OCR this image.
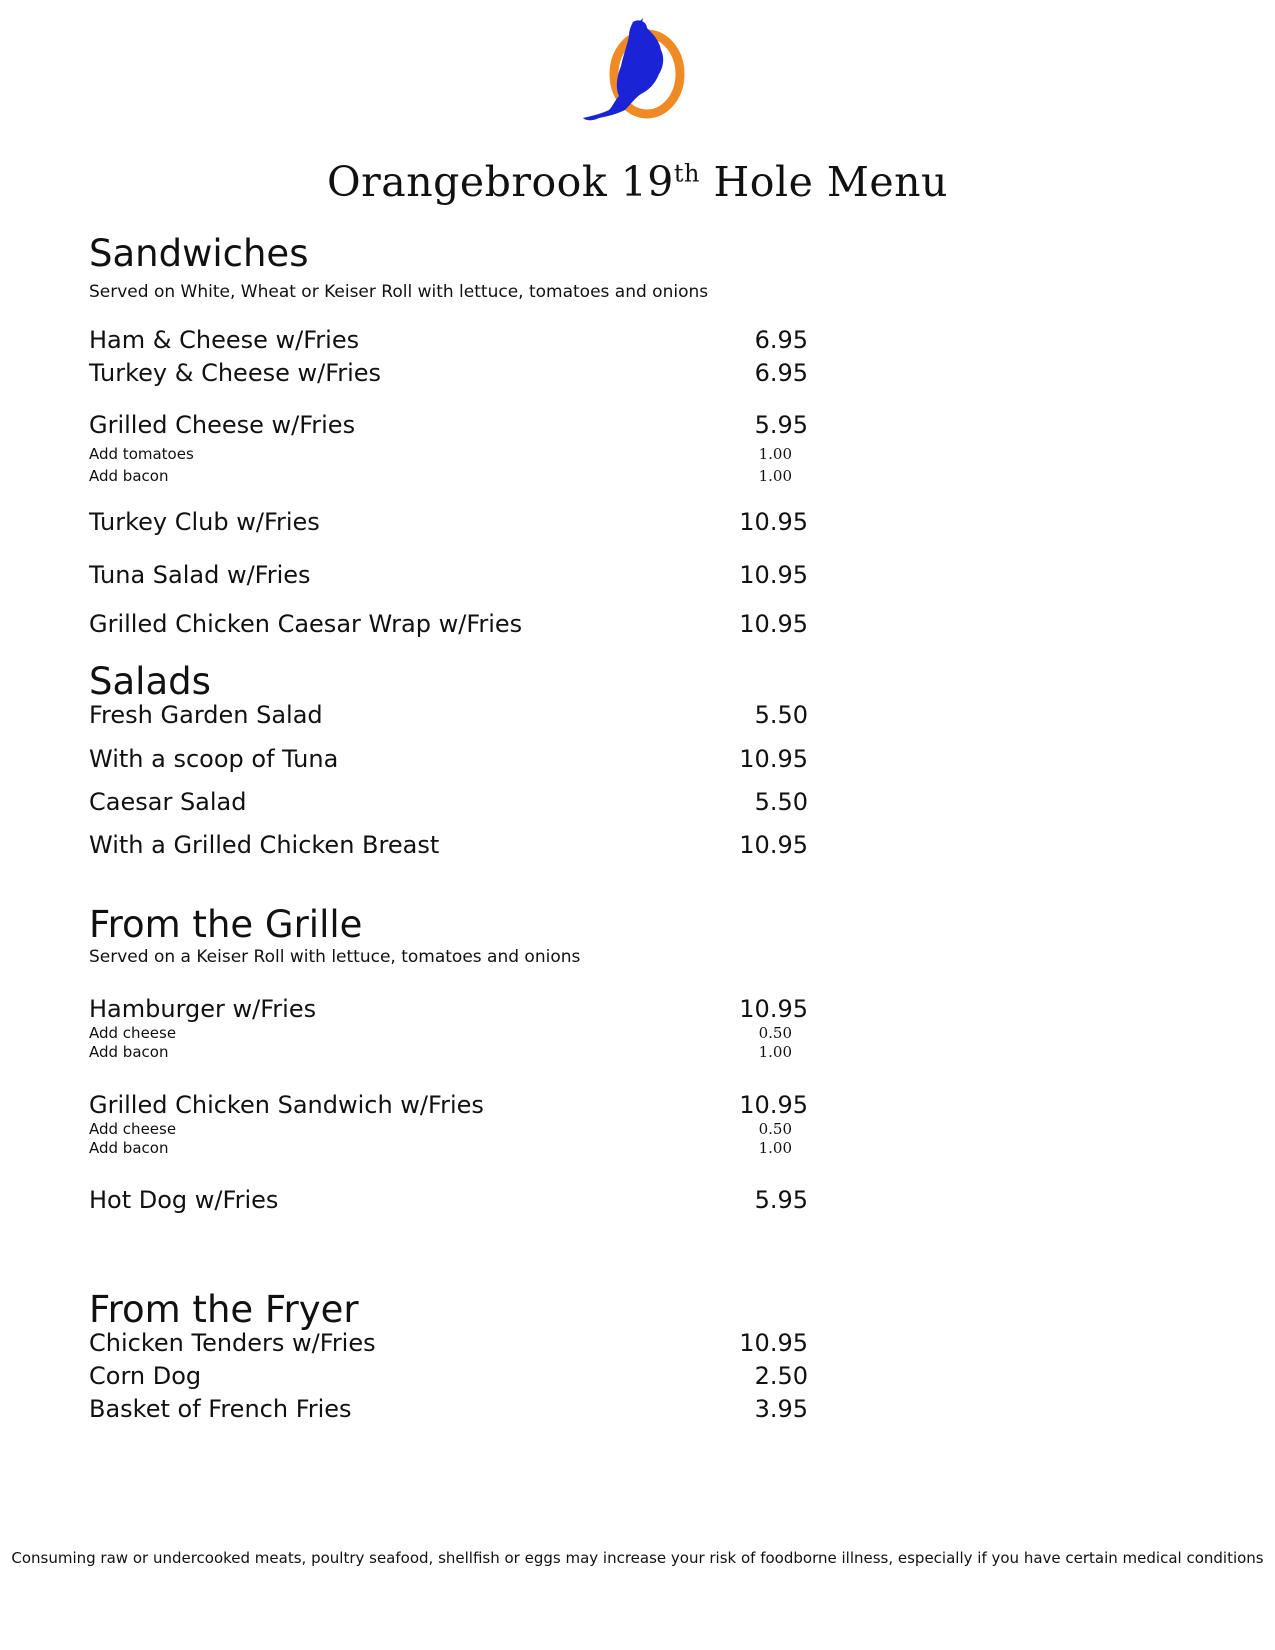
Orangebrook 19th Hole Menu
Sandwiches
Served on White, Wheat or Keiser Roll with lettuce, tomatoes and onions
Ham & Cheese w/Fries	6.95
Turkey & Cheese w/Fries	6.95
Grilled Cheese w/Fries	5.95
Add tomatoes	1.00
Add bacon	1.00
Turkey Club w/Fries	10.95
Tuna Salad w/Fries	10.95
Grilled Chicken Caesar Wrap w/Fries	10.95
Salads
Fresh Garden Salad	5.50
With a scoop of Tuna	10.95
Caesar Salad	5.50
With a Grilled Chicken Breast	10.95
From the Grille
Served on a Keiser Roll with lettuce, tomatoes and onions
Hamburger w/Fries	10.95
Add cheese	0.50
Add bacon	1.00
Grilled Chicken Sandwich w/Fries	10.95
Add cheese	0.50
Add bacon	1.00
Hot Dog w/Fries	5.95
From the Fryer
Chicken Tenders w/Fries	10.95
Corn Dog	2.50
Basket of French Fries	3.95
Consuming raw or undercooked meats, poultry seafood, shellfish or eggs may increase your risk of foodborne illness, especially if you have certain medical conditions
